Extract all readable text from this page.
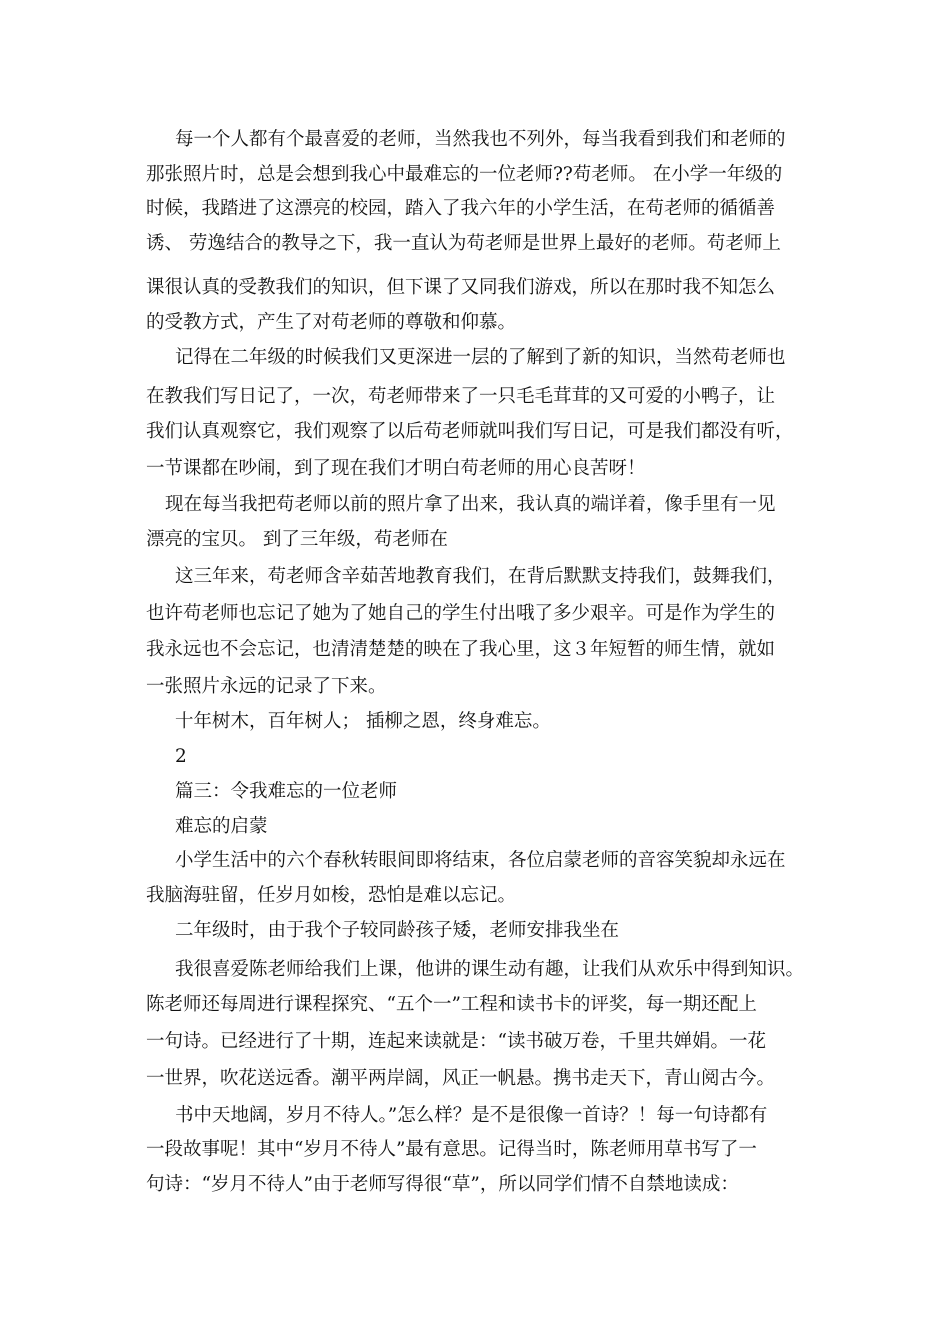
每一个人都有个最喜爱的老师，当然我也不列外，每当我看到我们和老师的
那张照片时，总是会想到我心中最难忘的一位老师??苟老师。 在小学一年级的
时候，我踏进了这漂亮的校园，踏入了我六年的小学生活，在苟老师的循循善
诱、 劳逸结合的教导之下，我一直认为苟老师是世界上最好的老师。苟老师上
课很认真的受教我们的知识，但下课了又同我们游戏，所以在那时我不知怎么
的受教方式，产生了对苟老师的尊敬和仰慕。
记得在二年级的时候我们又更深进一层的了解到了新的知识，当然苟老师也
在教我们写日记了，一次，苟老师带来了一只毛毛茸茸的又可爱的小鸭子，让
我们认真观察它，我们观察了以后苟老师就叫我们写日记，可是我们都没有听，
一节课都在吵闹，到了现在我们才明白苟老师的用心良苦呀！
现在每当我把苟老师以前的照片拿了出来，我认真的端详着，像手里有一见
漂亮的宝贝。 到了三年级，苟老师在
这三年来，苟老师含辛茹苦地教育我们，在背后默默支持我们，鼓舞我们，
也许苟老师也忘记了她为了她自己的学生付出哦了多少艰辛。可是作为学生的
我永远也不会忘记，也清清楚楚的映在了我心里，这３年短暂的师生情，就如
一张照片永远的记录了下来。
十年树木，百年树人； 插柳之恩，终身难忘。
2
篇三：令我难忘的一位老师
难忘的启蒙
小学生活中的六个春秋转眼间即将结束，各位启蒙老师的音容笑貌却永远在
我脑海驻留，任岁月如梭，恐怕是难以忘记。
二年级时，由于我个子较同龄孩子矮，老师安排我坐在
我很喜爱陈老师给我们上课，他讲的课生动有趣，让我们从欢乐中得到知识。
陈老师还每周进行课程探究、“五个一”工程和读书卡的评奖，每一期还配上
一句诗。已经进行了十期，连起来读就是：“读书破万卷，千里共婵娟。一花
一世界，吹花送远香。潮平两岸阔，风正一帆悬。携书走天下，青山阅古今。
书中天地阔，岁月不待人。”怎么样？是不是很像一首诗？！每一句诗都有
一段故事呢！其中“岁月不待人”最有意思。记得当时，陈老师用草书写了一
句诗：“岁月不待人”由于老师写得很“草”，所以同学们情不自禁地读成：
